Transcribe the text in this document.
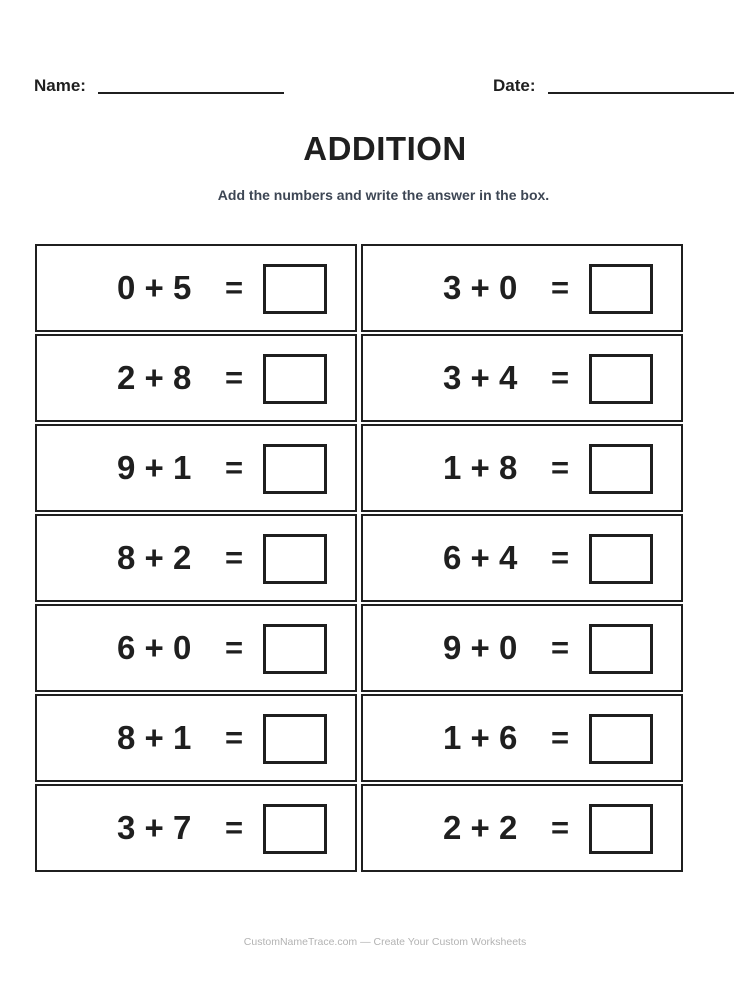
Name:	Date:
ADDITION
Add the numbers and write the answer in the box.
0 + 5 =	3 + 0 =
2 + 8 =	3 + 4 =
9 + 1 =	1 + 8 =
8 + 2 =	6 + 4 =
6 + 0 =	9 + 0 =
8 + 1 =	1 + 6 =
3 + 7 =	2 + 2 =
CustomNameTrace.com — Create Your Custom Worksheets
